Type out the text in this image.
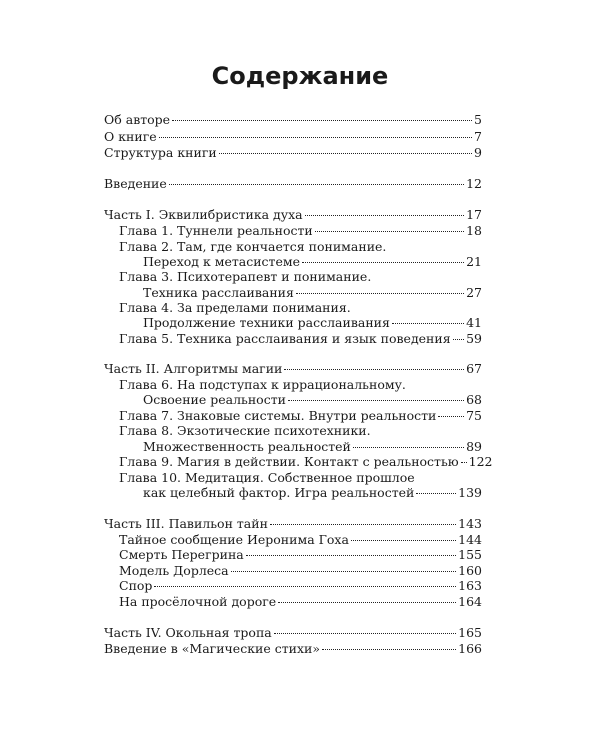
Содержание
Об авторе	5
О книге	7
Структура книги	9
Введение	12
Часть I. Эквилибристика духа	17
Глава 1. Туннели реальности	18
Глава 2. Там, где кончается понимание.
Переход к метасистеме	21
Глава 3. Психотерапевт и понимание.
Техника расслаивания	27
Глава 4. За пределами понимания.
Продолжение техники расслаивания	41
Глава 5. Техника расслаивания и язык поведения 59
Часть II. Алгоритмы магии	67
Глава 6. На подступах к иррациональному.
Освоение реальности	68
Глава 7. Знаковые системы. Внутри реальности 75
Глава 8. Экзотические психотехники.
Множественность реальностей	89
Глава 9. Магия в действии. Контакт с реальностью 122
Глава 10. Медитация. Собственное прошлое
как целебный фактор. Игра реальностей	139
Часть III. Павильон тайн	143
Тайное сообщение Иеронима Гоха	144
Смерть Перегрина	155
Модель Дорлеса	160
Спор	163
На просёлочной дороге	164
Часть IV. Окольная тропа	165
Введение в «Магические стихи»	166
